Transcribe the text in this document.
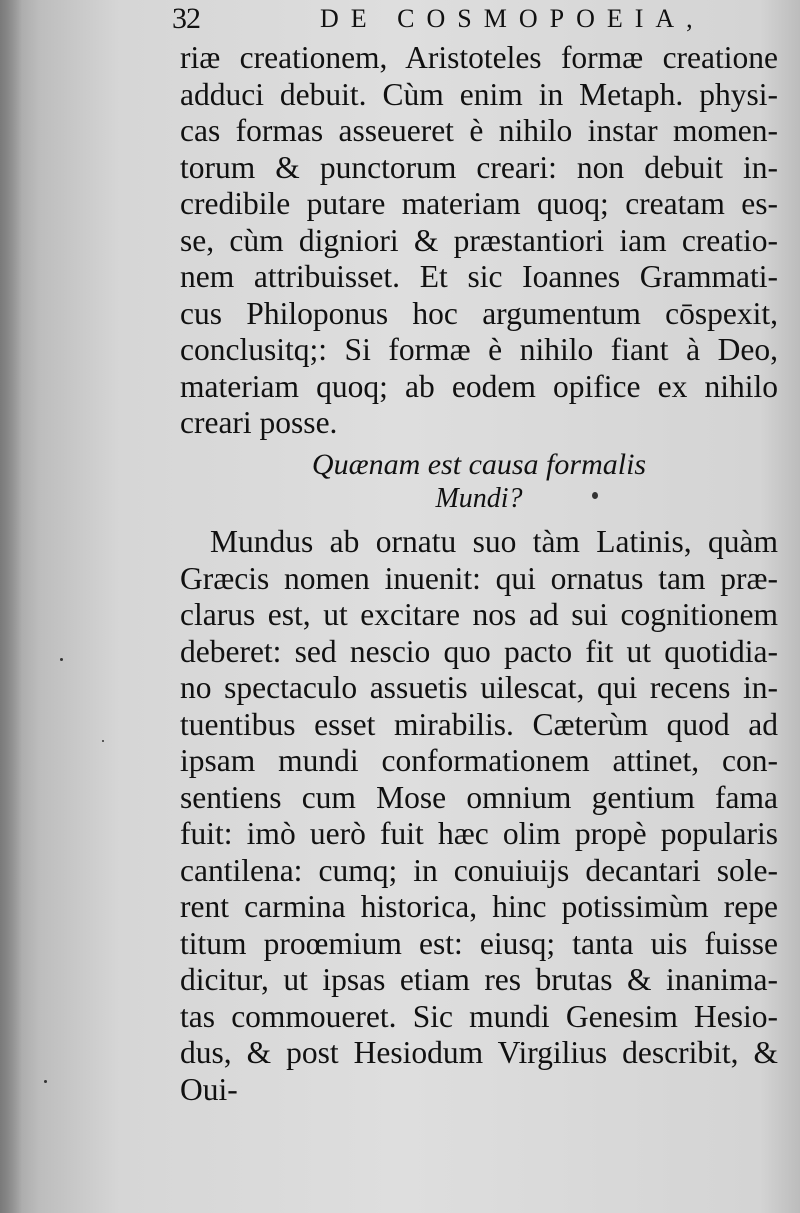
32	DE COSMOPOEIA,
riæ creationem, Aristoteles formæ creatione
adduci debuit. Cùm enim in Metaph. physi-
cas formas asseueret è nihilo instar momen-
torum & punctorum creari: non debuit in-
credibile putare materiam quoq; creatam es-
se, cùm digniori & præstantiori iam creatio-
nem attribuisset. Et sic Ioannes Grammati-
cus Philoponus hoc argumentum cōspexit,
conclusitq;: Si formæ è nihilo fiant à Deo,
materiam quoq; ab eodem opifice ex nihilo
creari posse.
Quænam est causa formalis
Mundi?
Mundus ab ornatu suo tàm Latinis, quàm
Græcis nomen inuenit: qui ornatus tam præ-
clarus est, ut excitare nos ad sui cognitionem
deberet: sed nescio quo pacto fit ut quotidia-
no spectaculo assuetis uilescat, qui recens in-
tuentibus esset mirabilis. Cæterùm quod ad
ipsam mundi conformationem attinet, con-
sentiens cum Mose omnium gentium fama
fuit: imò uerò fuit hæc olim propè popularis
cantilena: cumq; in conuiuijs decantari sole-
rent carmina historica, hinc potissimùm repe
titum proœmium est: eiusq; tanta uis fuisse
dicitur, ut ipsas etiam res brutas & inanima-
tas commoueret. Sic mundi Genesim Hesio-
dus, & post Hesiodum Virgilius describit, &
Oui-
